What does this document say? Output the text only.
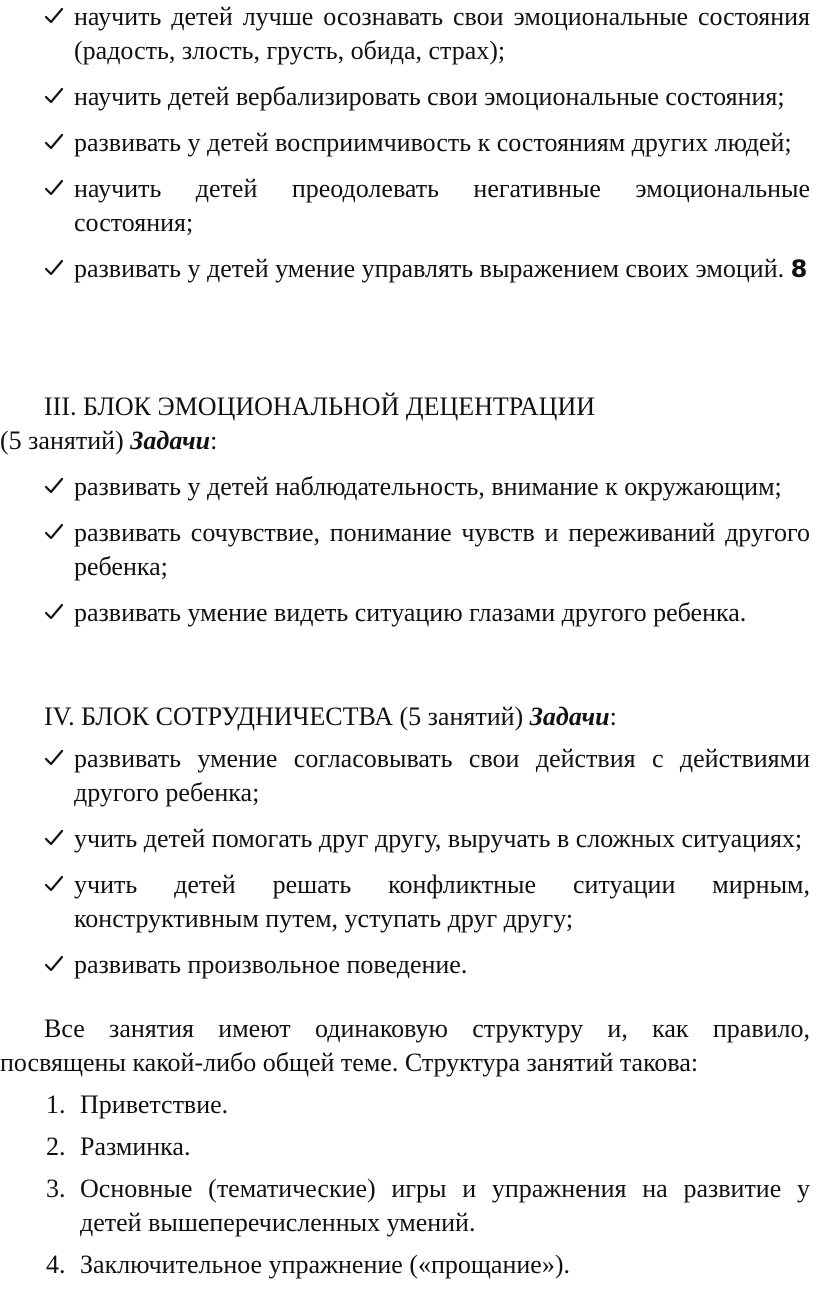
научить детей лучше осознавать свои эмоциональные состояния (радость, злость, грусть, обида, страх);
научить детей вербализировать свои эмоциональные состояния;
развивать у детей восприимчивость к состояниям других людей;
научить детей преодолевать негативные эмоциональные состояния;
развивать у детей умение управлять выражением своих эмоций. 8
III. БЛОК ЭМОЦИОНАЛЬНОЙ ДЕЦЕНТРАЦИИ
(5 занятий) Задачи:
развивать у детей наблюдательность, внимание к окружающим;
развивать сочувствие, понимание чувств и переживаний другого ребенка;
развивать умение видеть ситуацию глазами другого ребенка.
IV. БЛОК СОТРУДНИЧЕСТВА (5 занятий) Задачи:
развивать умение согласовывать свои действия с действиями другого ребенка;
учить детей помогать друг другу, выручать в сложных ситуациях;
учить детей решать конфликтные ситуации мирным, конструктивным путем, уступать друг другу;
развивать произвольное поведение.
Все занятия имеют одинаковую структуру и, как правило, посвящены какой-либо общей теме. Структура занятий такова:
1. Приветствие.
2. Разминка.
3. Основные (тематические) игры и упражнения на развитие у детей вышеперечисленных умений.
4. Заключительное упражнение («прощание»).
